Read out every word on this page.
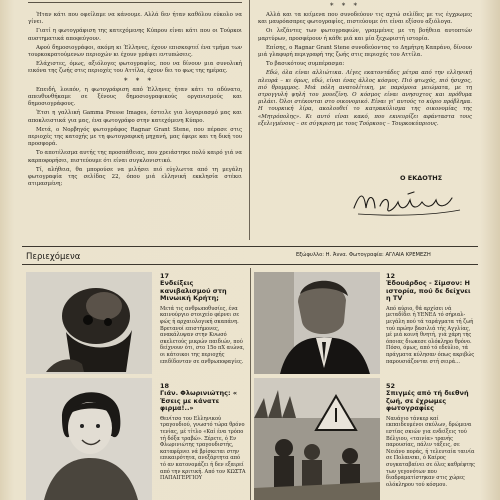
* * *

Ήταν κάτι που οφείλαμε να κάνουμε. Αλλά δεν ήταν καθόλου εύκολο να γίνει.

Γιατί η φωτογράφιση της κατεχόμενης Κύπρου είναι κάτι που οι Τούρκοι αυστηματικά αποφεύγουν.

Αφού δημοσιογράφοι, ακόμη κι Έλληνες, έχουν επισκεφτεί ένα τμήμα των τουρκοκρατούμενων περιοχών κι έχουν γράψει εντυπώσεις.

Ελάχιστες, όμως, αξιόλογες φωτογραφίες, που να δίνουν μια συνολική εικόνα της ζωής στις περιοχές του Αττίλα, έχουν δει το φως της ημέρας.

* * *

Επειδή, λοιπόν, η φωτογράφιση από Έλληνες ήταν κάτι το αδύνατο, απευθυνθήκαμε σε ξένους δημοσιογραφικούς οργανισμούς και δημοσιογράφους.

Έτσι η γαλλική Gamma Presse Images, έστειλε για λογαριασμό μας και αποκλειστικά για μας, ένα φωτογράφο στην κατεχόμενη Κύπρο.

Μετά, ο Νορβηγός φωτογράφος Ragnar Grant Stene, που πέρασε στις περιοχές της κατοχής με τη φωτογραφική μηχανή, μας έφερε και τη δική του προσφορά.

Το αποτέλεσμα αυτής της προσπάθειας, που χρειάστηκε πολύ καιρό γιά να καρποφορήσει, πιστεύουμε ότι είναι συγκλονιστικό.

Τί, αλήθεια, θα μπορούσε να μιλήσει πιό εύγλωττα από τη μεγάλη φωτογραφία της σελίδας 22, όπου μιά ελληνική εκκλησία στέκει ατιμασμένη;

Αλλά και τα κείμενα που συνοδεύουν τις αχτώ σελίδες με τις έγχρωμες και μαυρόασπρες φωτογραφίες, πιστεύουμε ότι είναι εξίσου αξιόλογα.

Οι λεζάντες των φωτογραφιών, γραμμένες με τη βοήθεια αυτοπτών μαρτύρων, προσφέρουν ή κάθε μιά και μία ξεχωριστή ιστορία.

Επίσης, ο Ragnar Grant Stene συνοδεύοντας το Δημήτρη Καπράνο, δίνουν μιά γλαφυρή περιγραφή της ζωής στις περιοχές του Αττίλα.

Το βασικότους συμπέρασμα:

Εδώ, όλα είναι αλλιώτικα. Λίγες εκατοντάδες μέτρα από την ελληνική πλευρά – κι όμως, εδώ, είναι ένας άλλος κόσμος. Πιό φτωχός, πιό ήσυχος, πιό θρυμμμος. Μιά πόλη ανατολίτικη, με παρόμοια μειώματα, με τη στρογγυλή ψηλή του μουεζίνη. Ο κόσμος είναι ανησυχτος και πρόθυμα μιλάει. Όλοι στέκονται στο οικονομικό. Είναι γι' αυτούς το κύριο πρόβλημα. Η τουρκική λίρα, ακολουθεί το κατρακύλισμα της οικονομίας της «Μητρόπολης». Κι αυτό είναι κακό, που εκνευρίζει αφάνταστα τους εξελιγμένους – σε σύγκριση με τους Τούρκους – Τουρκοκύπριους.

Ο ΕΚΔΟΤΗΣ
Περιεχόμενα	Εξώφυλλο: Η. Άννα. Φωτογραφία: ΑΓΛΑΙΑ ΚΡΕΜΕΖΗ
17
Ενδείξεις κανιβαλισμού στη Μινωική Κρήτη;
Μετά τις ανθρωποθυσίες, ένα καινούργιο στοιχείο φέρνει σε φώς ή αρχαιολογική σκαπάνη. Βρετανοί επιστήμονες, ανακάλυψαν στην Κνωσό σκελετούς μικρών παιδιών, πού δείχνουν ότι, στο 15ο πΧ αιώνα, οι κάτοικοι της περιοχής επιδίδονταν σε ανθρωποφαγίες.
12
Έδουάρδος - Σίμσον: Η ιστορία, πού δε δείχνει η TV
Από αύριο, θά αρχίσει νά μεταδίδει ή ΥΕΝΕΔ τό σήριαλ-μεγάλη πού τά ταράγματα τή ζωή τού πρώην βασιλιά τής Αγγλίας, μέ μιά κοινή θνητή, γιά χάρη τής όποιας διωκεσε ολόκληρο θρόνο. Πόσο, όμως, από τό εδεύλιο, τά πράγματα κύλησαν όπως ακριβώς παρουσιάζονται στή σειρά...
18
Γιάν. Φλωρινιώτης: « Έσεις με κάνατε φιρμα!..»
Θενίτσο του Ελληνικού τραγουδιού, γνωστό τώρα θρόνο τενίας, μέ τίτλο «Καί ένα τρόπο τή δόξα τραβώ». Ξέρετε, ό Εν Φλωρινιώτης τραγουδιστής, καταφέρνει νά βρίσκεται στην επικαιρότητα, ανεξάρτητα από τό αν κατονομάζει ή δεν εξαιρεί από την κριτική. Από τον ΚΩΣΤΑ ΠΑΠΑΙΓΕΡΓΙΟΥ
52
Σπιγμές από τή διεθνή ζωή, σε έχρωμες φωτογραφίες
Ναυάγιο τάνκερ καί εκπαιδευμένοι σκύλων, δρώμενα εστίας σκιών για ενδείξεις τού Βέλγιου, «ταινία» τρανής παρουσίας, πάλιν τάξεις, σε Νειάνο ποράς, ή τελευταία ταινία σε Πολανσκι, ό Καίρος συγκαταβαίνει σε όλες καθρέφτης των γεγονότων που διαδραματίστηκαν στις χώρες ολόκληρου τού κόσμου.
